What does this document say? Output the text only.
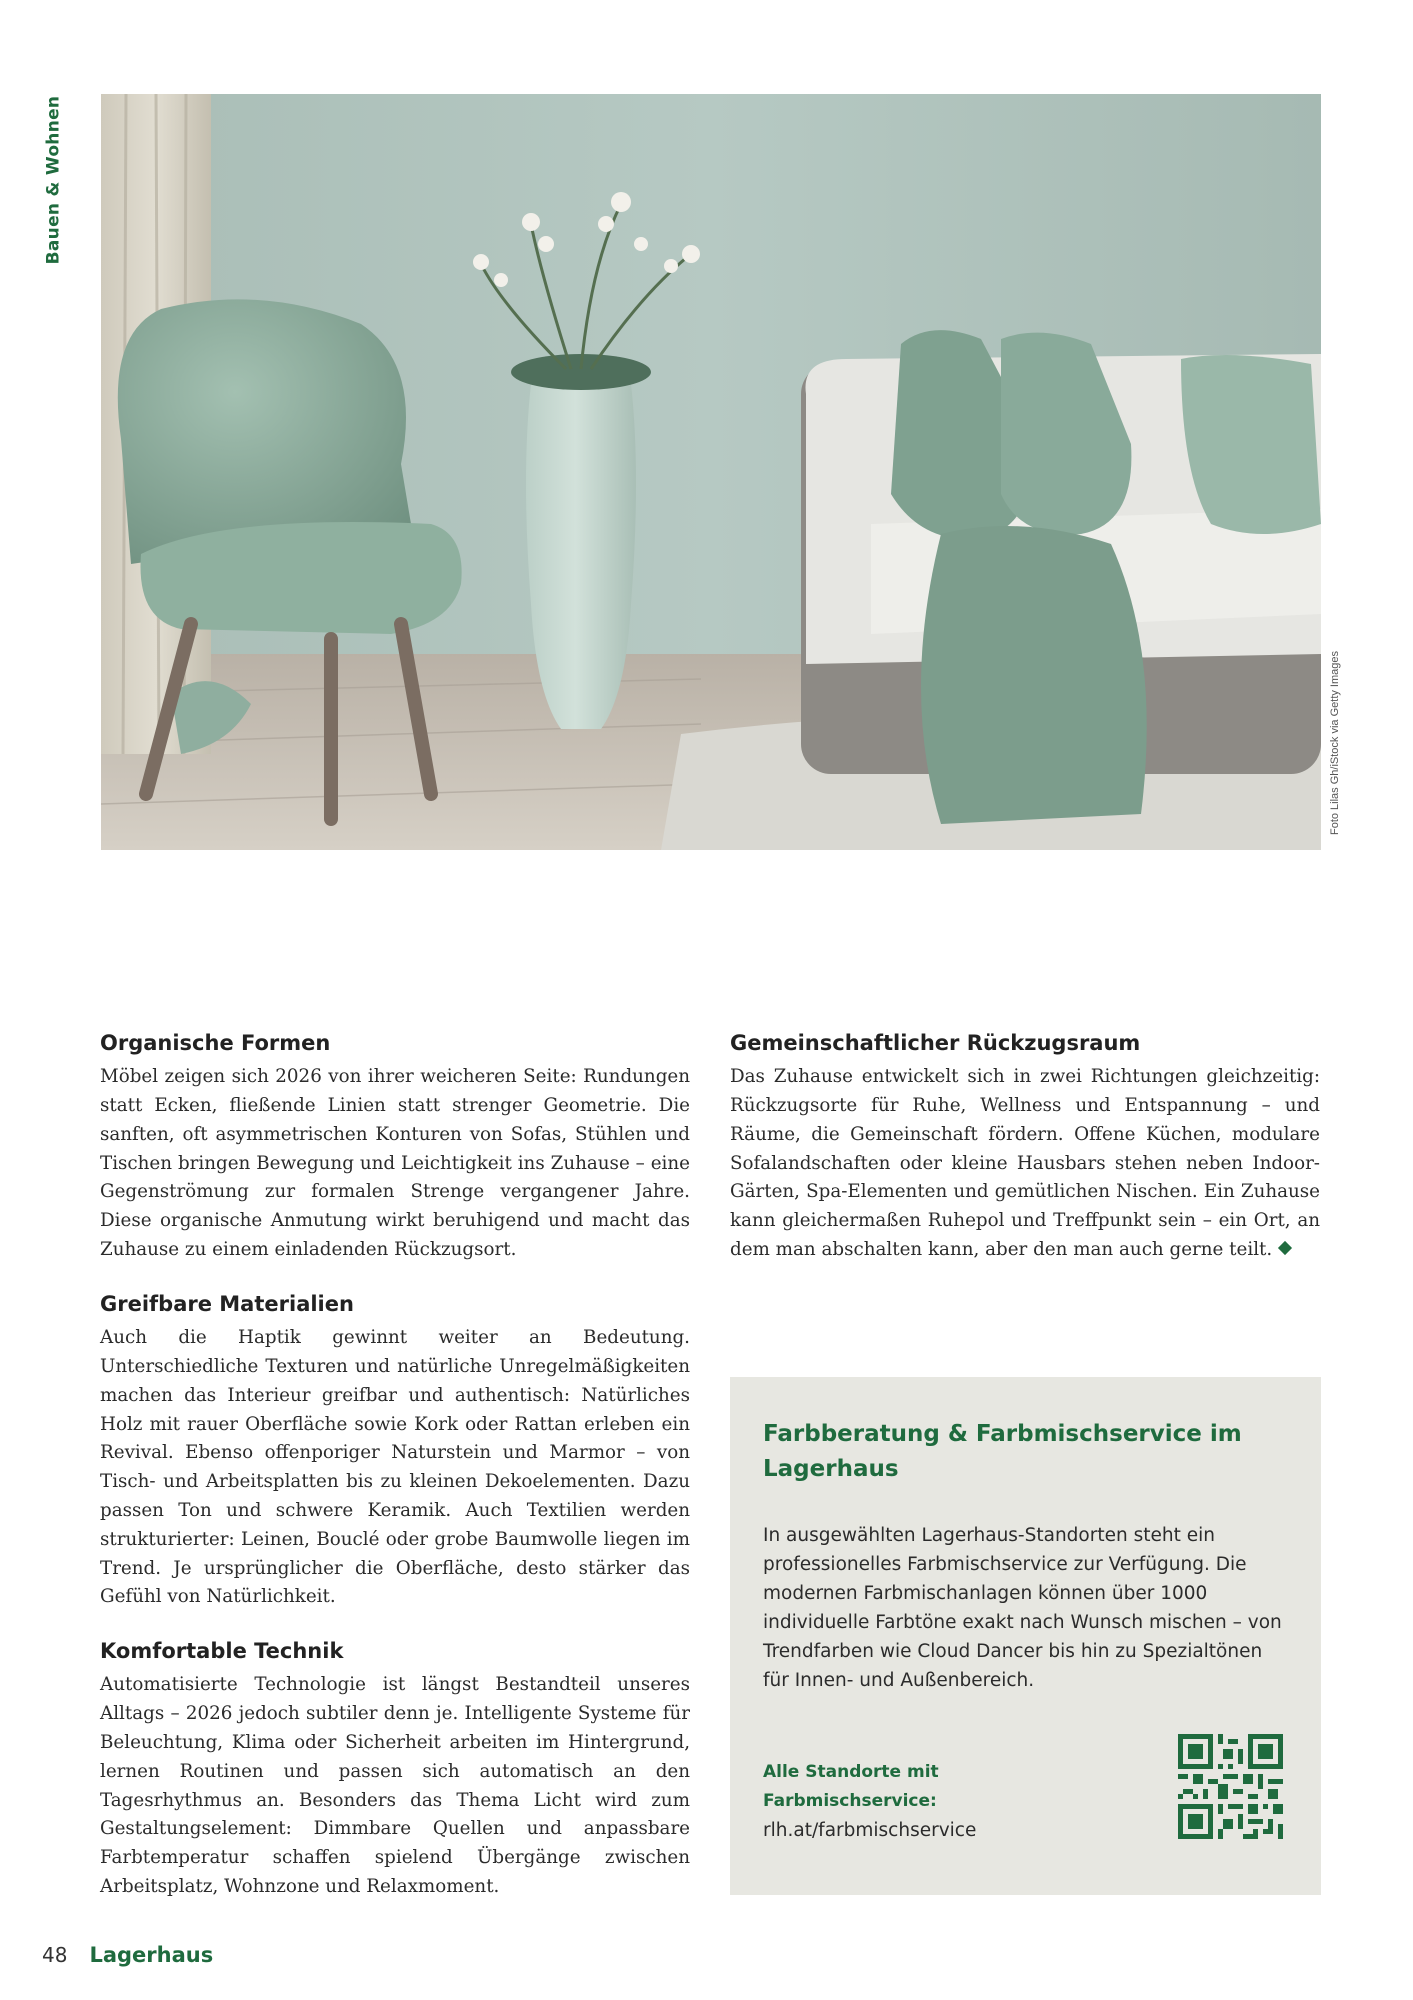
Bauen & Wohnen
Foto Lilas Gh/iStock via Getty Images
Organische Formen

Möbel zeigen sich 2026 von ihrer weicheren Seite: Rundungen statt Ecken, fließende Linien statt strenger Geometrie. Die sanften, oft asymmetrischen Konturen von Sofas, Stühlen und Tischen bringen Bewegung und Leichtigkeit ins Zuhause – eine Gegenströmung zur formalen Strenge vergangener Jahre. Diese organische Anmutung wirkt beruhigend und macht das Zuhause zu einem einladenden Rückzugsort.

Greifbare Materialien

Auch die Haptik gewinnt weiter an Bedeutung. Unterschiedliche Texturen und natürliche Unregelmäßigkeiten machen das Interieur greifbar und authentisch: Natürliches Holz mit rauer Oberfläche sowie Kork oder Rattan erleben ein Revival. Ebenso offenporiger Naturstein und Marmor – von Tisch- und Arbeitsplatten bis zu kleinen Dekoelementen. Dazu passen Ton und schwere Keramik. Auch Textilien werden strukturierter: Leinen, Bouclé oder grobe Baumwolle liegen im Trend. Je ursprünglicher die Oberfläche, desto stärker das Gefühl von Natürlichkeit.

Komfortable Technik

Automatisierte Technologie ist längst Bestandteil unseres Alltags – 2026 jedoch subtiler denn je. Intelligente Systeme für Beleuchtung, Klima oder Sicherheit arbeiten im Hintergrund, lernen Routinen und passen sich automatisch an den Tagesrhythmus an. Besonders das Thema Licht wird zum Gestaltungselement: Dimmbare Quellen und anpassbare Farbtemperatur schaffen spielend Übergänge zwischen Arbeitsplatz, Wohnzone und Relaxmoment.

Gemeinschaftlicher Rückzugsraum

Das Zuhause entwickelt sich in zwei Richtungen gleichzeitig: Rückzugsorte für Ruhe, Wellness und Entspannung – und Räume, die Gemeinschaft fördern. Offene Küchen, modulare Sofalandschaften oder kleine Hausbars stehen neben Indoor-Gärten, Spa-Elementen und gemütlichen Nischen. Ein Zuhause kann gleichermaßen Ruhepol und Treffpunkt sein – ein Ort, an dem man abschalten kann, aber den man auch gerne teilt.

Farbberatung & Farbmischservice im Lagerhaus

In ausgewählten Lagerhaus-Standorten steht ein professionelles Farbmischservice zur Verfügung. Die modernen Farbmischanlagen können über 1000 individuelle Farbtöne exakt nach Wunsch mischen – von Trendfarben wie Cloud Dancer bis hin zu Spezialtönen für Innen- und Außenbereich.

Alle Standorte mit Farbmischservice:
rlh.at/farbmischservice
48 Lagerhaus
